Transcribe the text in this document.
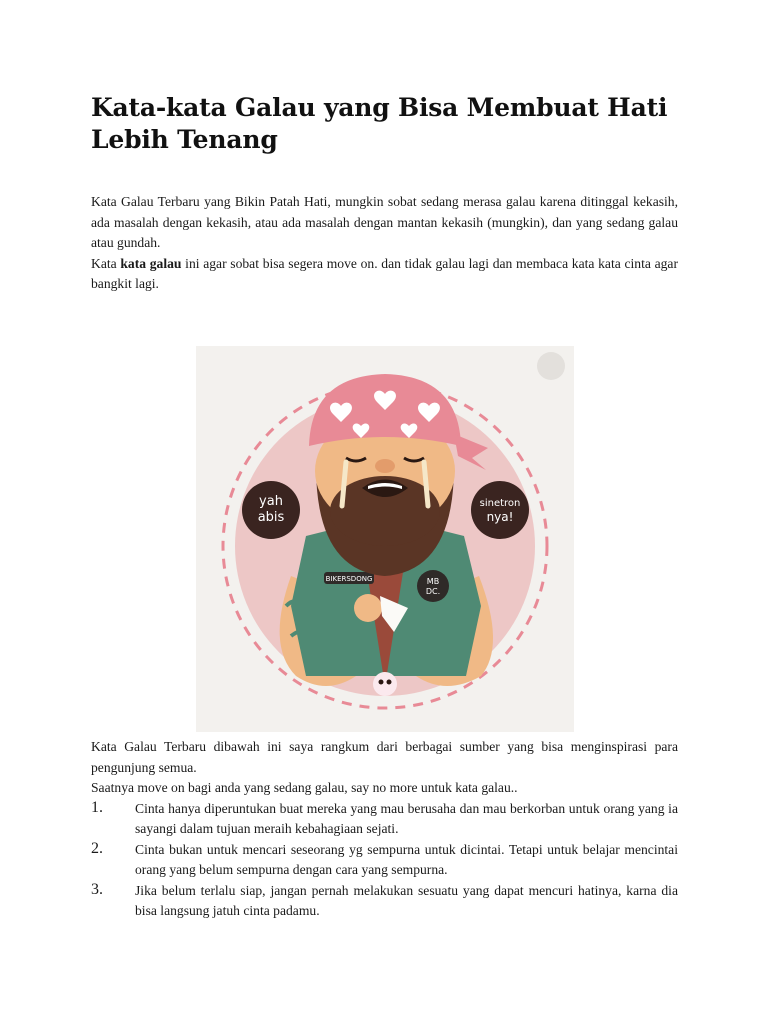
Kata-kata Galau yang Bisa Membuat Hati Lebih Tenang

Kata Galau Terbaru yang Bikin Patah Hati, mungkin sobat sedang merasa galau karena ditinggal kekasih, ada masalah dengan kekasih, atau ada masalah dengan mantan kekasih (mungkin), dan yang sedang galau atau gundah.

Kata kata galau ini agar sobat bisa segera move on. dan tidak galau lagi dan membaca kata kata cinta agar bangkit lagi.

BIKERSDONG	MB
DC.
yah
abis
sinetron
nya!

Kata Galau Terbaru dibawah ini saya rangkum dari berbagai sumber yang bisa menginspirasi para pengunjung semua.

Saatnya move on bagi anda yang sedang galau, say no more untuk kata galau..

1.	Cinta hanya diperuntukan buat mereka yang mau berusaha dan mau berkorban untuk orang yang ia sayangi dalam tujuan meraih kebahagiaan sejati.

2.	Cinta bukan untuk mencari seseorang yg sempurna untuk dicintai. Tetapi untuk belajar mencintai orang yang belum sempurna dengan cara yang sempurna.

3.	Jika belum terlalu siap, jangan pernah melakukan sesuatu yang dapat mencuri hatinya, karna dia bisa langsung jatuh cinta padamu.
